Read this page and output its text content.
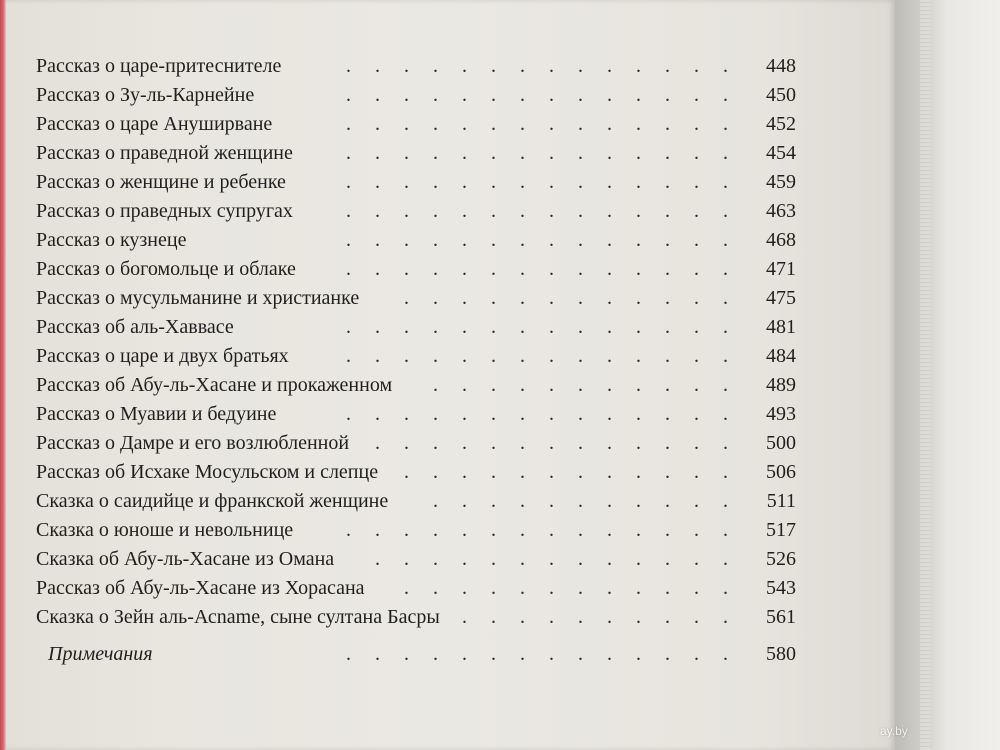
Рассказ о царе-притеснителе	. . . . . . . . . . . . . .	448
Рассказ о Зу-ль-Карнейне	. . . . . . . . . . . . . .	450
Рассказ о царе Ануширване	. . . . . . . . . . . . . .	452
Рассказ о праведной женщине	. . . . . . . . . . . . . .	454
Рассказ о женщине и ребенке	. . . . . . . . . . . . . .	459
Рассказ о праведных супругах	. . . . . . . . . . . . . .	463
Рассказ о кузнеце	. . . . . . . . . . . . . .	468
Рассказ о богомольце и облаке	. . . . . . . . . . . . . .	471
Рассказ о мусульманине и христианке . . . . . . . . . . . .	475
Рассказ об аль-Хаввасе	. . . . . . . . . . . . . .	481
Рассказ о царе и двух братьях	. . . . . . . . . . . . . .	484
Рассказ об Абу-ль-Хасане и прокаженном . . . . . . . . . . .	489
Рассказ о Муавии и бедуине	. . . . . . . . . . . . . .	493
Рассказ о Дамре и его возлюбленной . . . . . . . . . . . . .	500
Рассказ об Исхаке Мосульском и слепце . . . . . . . . . . . .	506
Сказка о саидийце и франкской женщине . . . . . . . . . . .	511
Сказка о юноше и невольнице	. . . . . . . . . . . . . .	517
Сказка об Абу-ль-Хасане из Омана . . . . . . . . . . . . .	526
Рассказ об Абу-ль-Хасане из Хорасана . . . . . . . . . . . .	543
Сказка о Зейн аль-Асname, сыне султана Басры . . . . . . . . . .	561
Примечания	. . . . . . . . . . . . . .	580
ay.by
